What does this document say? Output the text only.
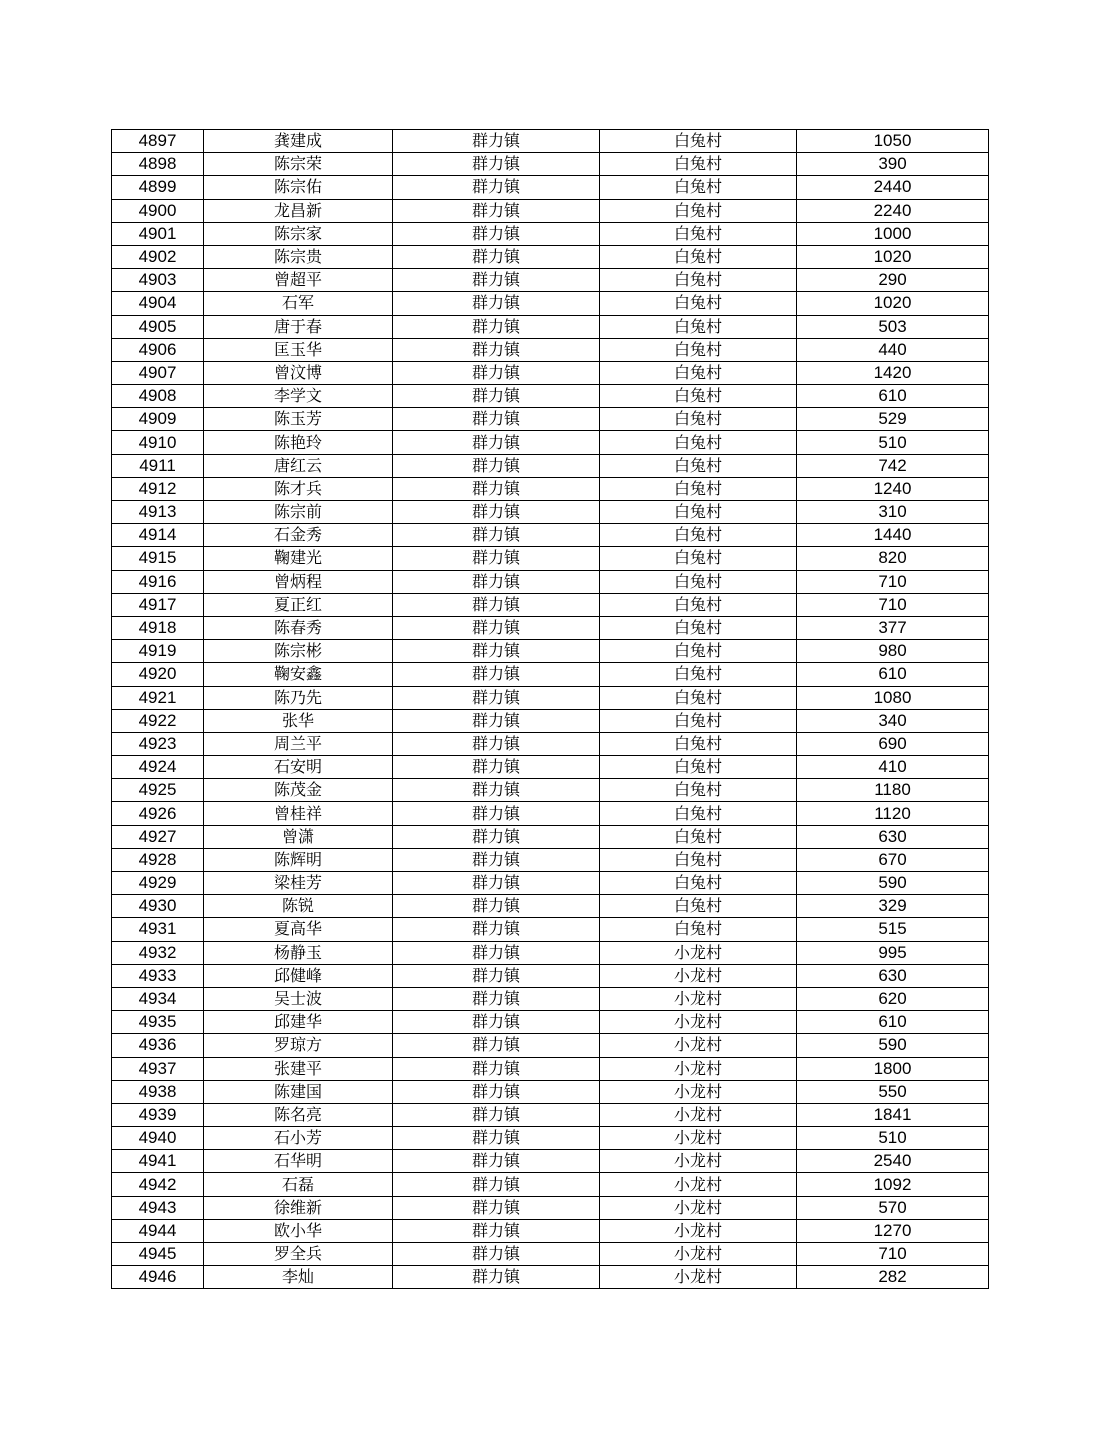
4897	龚建成	群力镇	白兔村	1050
4898	陈宗荣	群力镇	白兔村	390
4899	陈宗佑	群力镇	白兔村	2440
4900	龙昌新	群力镇	白兔村	2240
4901	陈宗家	群力镇	白兔村	1000
4902	陈宗贵	群力镇	白兔村	1020
4903	曾超平	群力镇	白兔村	290
4904	石军	群力镇	白兔村	1020
4905	唐于春	群力镇	白兔村	503
4906	匡玉华	群力镇	白兔村	440
4907	曾汶博	群力镇	白兔村	1420
4908	李学文	群力镇	白兔村	610
4909	陈玉芳	群力镇	白兔村	529
4910	陈艳玲	群力镇	白兔村	510
4911	唐红云	群力镇	白兔村	742
4912	陈才兵	群力镇	白兔村	1240
4913	陈宗前	群力镇	白兔村	310
4914	石金秀	群力镇	白兔村	1440
4915	鞠建光	群力镇	白兔村	820
4916	曾炳程	群力镇	白兔村	710
4917	夏正红	群力镇	白兔村	710
4918	陈春秀	群力镇	白兔村	377
4919	陈宗彬	群力镇	白兔村	980
4920	鞠安鑫	群力镇	白兔村	610
4921	陈乃先	群力镇	白兔村	1080
4922	张华	群力镇	白兔村	340
4923	周兰平	群力镇	白兔村	690
4924	石安明	群力镇	白兔村	410
4925	陈茂金	群力镇	白兔村	1180
4926	曾桂祥	群力镇	白兔村	1120
4927	曾潇	群力镇	白兔村	630
4928	陈辉明	群力镇	白兔村	670
4929	梁桂芳	群力镇	白兔村	590
4930	陈锐	群力镇	白兔村	329
4931	夏高华	群力镇	白兔村	515
4932	杨静玉	群力镇	小龙村	995
4933	邱健峰	群力镇	小龙村	630
4934	吴士波	群力镇	小龙村	620
4935	邱建华	群力镇	小龙村	610
4936	罗琼方	群力镇	小龙村	590
4937	张建平	群力镇	小龙村	1800
4938	陈建国	群力镇	小龙村	550
4939	陈名亮	群力镇	小龙村	1841
4940	石小芳	群力镇	小龙村	510
4941	石华明	群力镇	小龙村	2540
4942	石磊	群力镇	小龙村	1092
4943	徐维新	群力镇	小龙村	570
4944	欧小华	群力镇	小龙村	1270
4945	罗全兵	群力镇	小龙村	710
4946	李灿	群力镇	小龙村	282
